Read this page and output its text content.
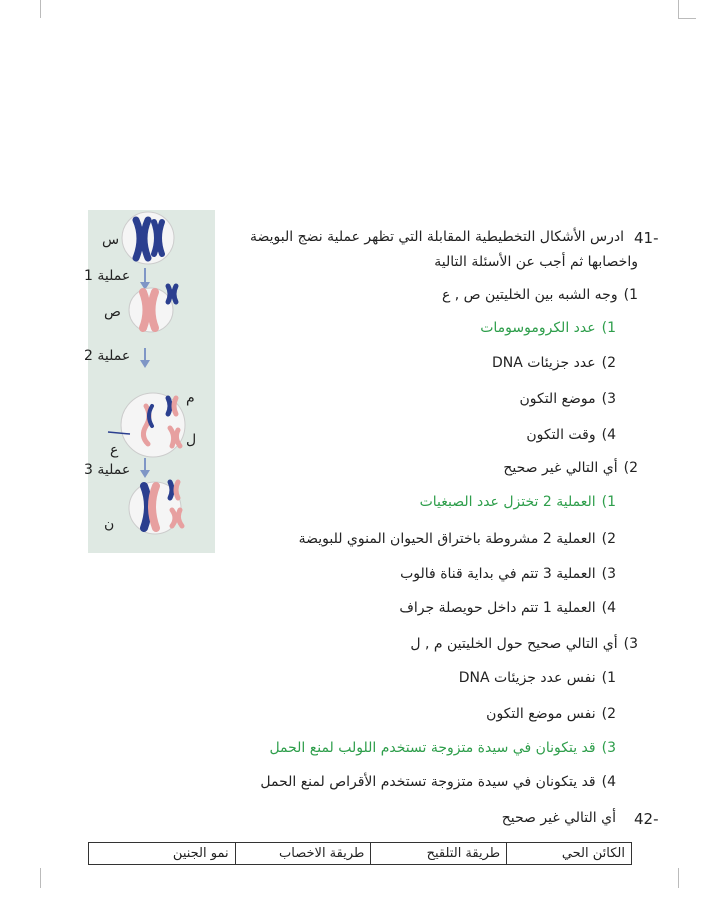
س
عملية 1
ص
عملية 2
م
ل
ع
عملية 3
ن
41-
ادرس الأشكال التخطيطية المقابلة التي تظهر عملية نضج البويضة
واخصابها ثم أجب عن الأسئلة التالية
1)وجه الشبه بين الخليتين ص , ع
1)عدد الكروموسومات
2)عدد جزيئات DNA
3)موضع التكون
4)وقت التكون
2)أي التالي غير صحيح
1)العملية 2 تختزل عدد الصبغيات
2)العملية 2 مشروطة باختراق الحيوان المنوي للبويضة
3)العملية 3 تتم في بداية قناة فالوب
4)العملية 1 تتم داخل حويصلة جراف
3)أي التالي صحيح حول الخليتين م , ل
1)نفس عدد جزيئات DNA
2)نفس موضع التكون
3)قد يتكونان في سيدة متزوجة تستخدم اللولب لمنع الحمل
4)قد يتكونان في سيدة متزوجة تستخدم الأقراص لمنع الحمل
42-
أي التالي غير صحيح
الكائن الحي	طريقة التلقيح	طريقة الاخصاب	نمو الجنين
